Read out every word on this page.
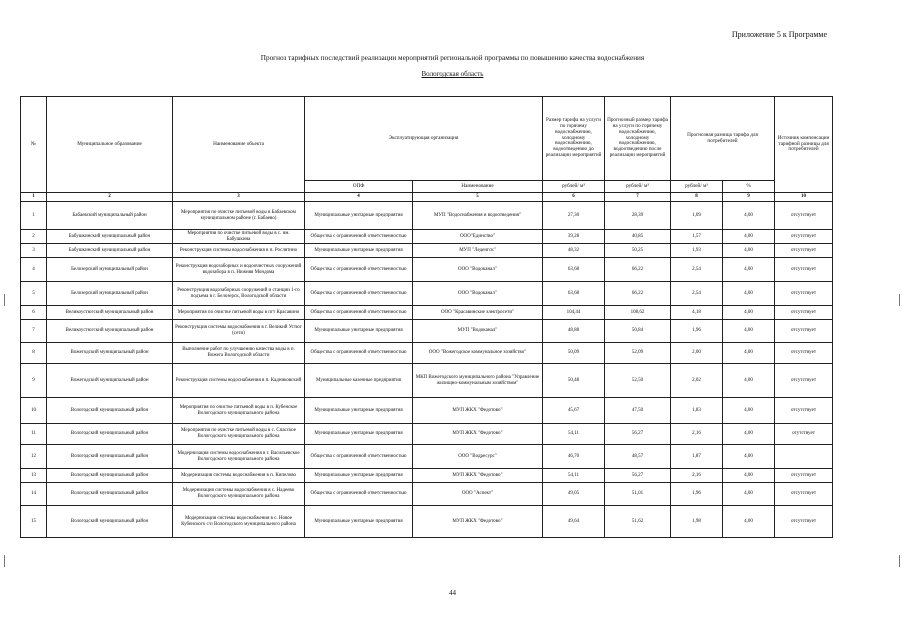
Приложение 5 к Программе
Прогноз тарифных последствий реализации мероприятий региональной программы по повышению качества водоснабжения
Вологодская область
№	Муниципальное образование	Наименование объекта	Эксплуатирующая организация		Размер тарифа на услуги по горячему водоснабжению, холодному водоснабжению, водоотведению до реализации мероприятий	Прогнозный размер тарифа на услуги по горячему водоснабжению, холодному водоснабжению, водоотведению после реализации мероприятий	Прогнозная разница тарифа для потребителей		Источник компенсации тарифной разницы для потребителей
			ОПФ	Наименование	рублей/ м³	рублей/ м³	рублей/ м³	%	
1	2	3	4	5	6	7	8	9	10
1	Бабаевский муниципальный район	Мероприятия по очистке питьевой воды в Бабаевском муниципальном районе (г. Бабаево)	Муниципальные унитарные предприятия	МУП "Водоснабжения и водоотведения"	27,30	28,39	1,09	4,00	отсутствует
2	Бабушкинский муниципальный район	Мероприятия по очистке питьевой воды в с. им. Бабушкина	Общества с ограниченной ответственностью	ООО"Единство"	39,28	40,85	1,57	4,00	отсутствует
3	Бабушкинский муниципальный район	Реконструкция системы водоснабжения в п. Рослятино	Муниципальные унитарные предприятия	МУП "Леденгск"	48,32	50,25	1,93	4,00	отсутствует
4	Белозерский муниципальный район	Реконструкция водозаборных и водоочистных сооружений водозабора в п. Нижняя Мондома	Общества с ограниченной ответственностью	ООО "Водоканал"	63,68	66,22	2,54	4,00	отсутствует
5	Белозерский муниципальный район	Реконструкция водозаборных сооружений и станции 1-го подъема в г. Белозерск, Вологодской области	Общества с ограниченной ответственностью	ООО "Водоканал"	63,68	66,22	2,54	4,00	отсутствует
6	Великоустюгский муниципальный район	Мероприятия по очистке питьевой воды в пгт Красавино	Общества с ограниченной ответственностью	ООО "Красавинские электросети"	104,44	108,62	4,18	4,00	отсутствует
7	Великоустюгский муниципальный район	Реконструкция системы водоснабжения в г. Великий Устюг (сети)	Муниципальные унитарные предприятия	МУП "Водоканал"	48,88	50,84	1,96	4,00	отсутствует
8	Вожегодский муниципальный район	Выполнение работ по улучшению качества воды в п. Вожега Вологодской области	Общества с ограниченной ответственностью	ООО "Вожегодское коммунальное хозяйство"	50,09	52,09	2,00	4,00	отсутствует
9	Вожегодский муниципальный район	Реконструкция системы водоснабжения в п. Кадниковский	Муниципальные казенные предприятия	МКП Вожегодского муниципального района "Управление жилищно-коммунальным хозяйством"	50,48	52,50	2,02	4,00	отсутствует
10	Вологодский муниципальный район	Мероприятия по очистке питьевой воды в п. Кубенское Вологодского муниципального района	Муниципальные унитарные предприятия	МУП ЖКХ "Федотово"	45,67	47,50	1,83	4,00	отсутствует
11	Вологодский муниципальный район	Мероприятия по очистке питьевой воды в с. Спасское Вологодского муниципального района	Муниципальные унитарные предприятия	МУП ЖКХ "Федотово"	54,11	56,27	2,16	4,00	отутствует
12	Вологодский муниципальный район	Модернизация системы водоснабжения в г. Васильевское Вологодского муниципального района	Общества с ограниченной ответственностью	ООО "Водресурс"	46,70	48,57	1,87	4,00	
13	Вологодский муниципальный район	Модернизация системы водоснабжения в п. Кипелово	Муниципальные унитарные предприятия	МУП ЖКХ "Федотово"	54,11	56,27	2,16	4,00	отсутствует
14	Вологодский муниципальный район	Модернизация системы водоснабжения в с. Надеево Вологодского муниципального района	Общества с ограниченной ответственностью	ООО "Аспект"	49,05	51,01	1,96	4,00	отсутствует
15	Вологодский муниципальный район	Модернизация системы водоснабжения в с. Новое Кубенского с/п Вологодского муниципального района	Муниципальные унитарные предприятия	МУП ЖКХ "Федотово"	49,64	51,62	1,98	4,00	отсутствует
44
